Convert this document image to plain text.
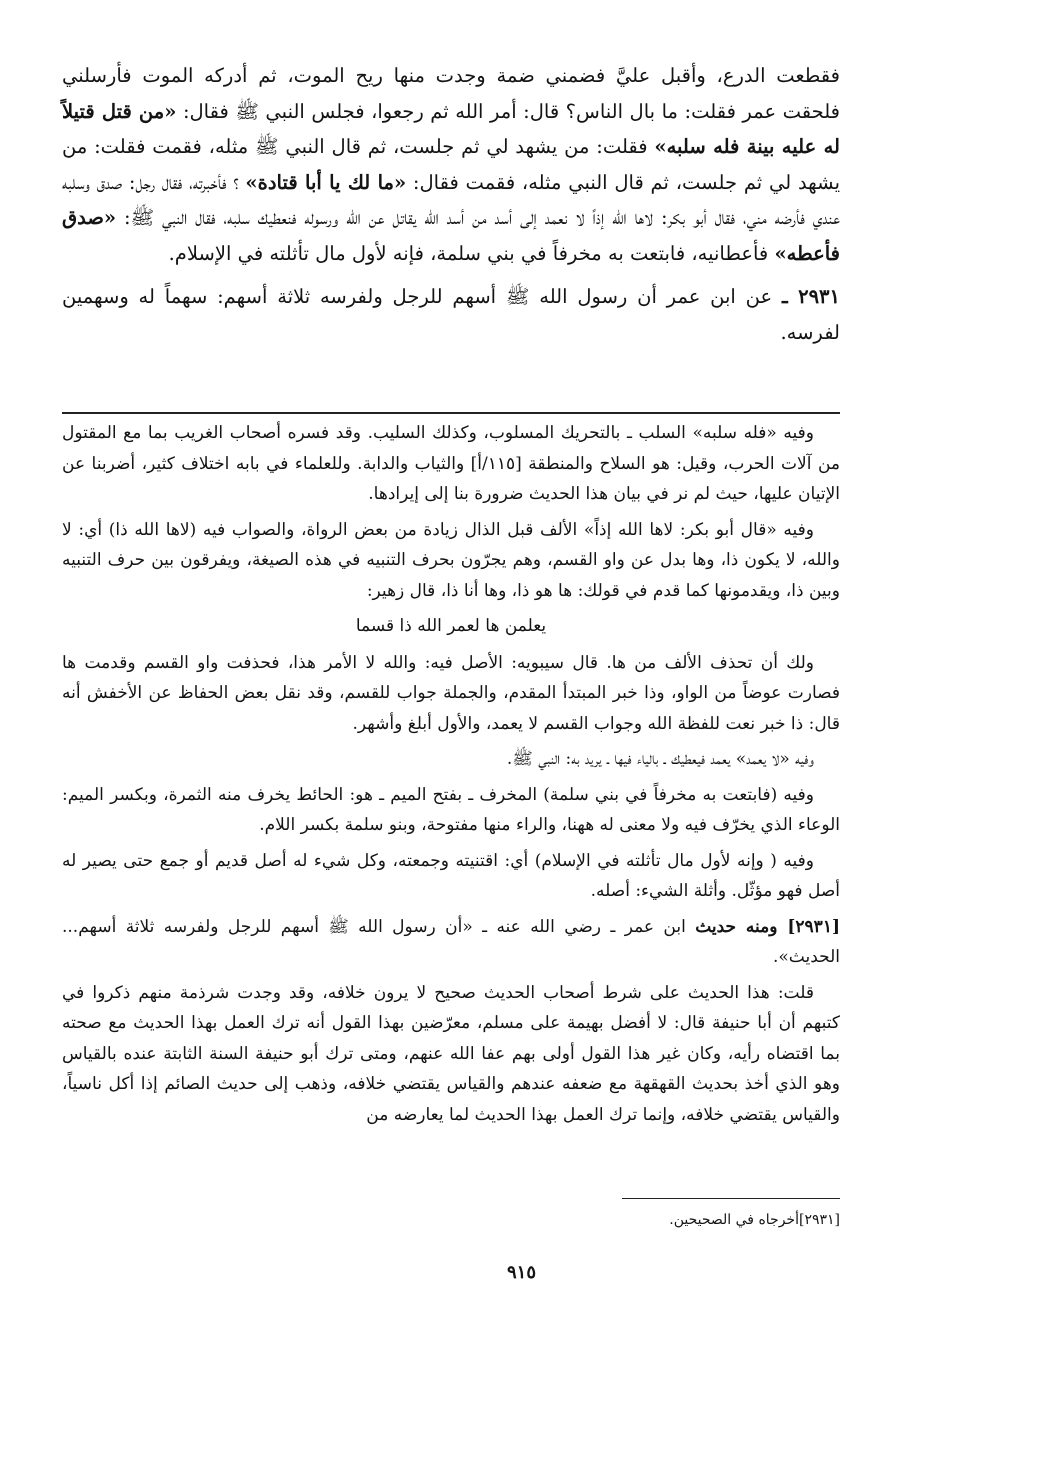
فقطعت الدرع، وأقبل عليَّ فضمني ضمة وجدت منها ريح الموت، ثم أدركه الموت فأرسلني فلحقت عمر فقلت: ما بال الناس؟ قال: أمر الله ثم رجعوا، فجلس النبي ﷺ فقال: «من قتل قتيلاً له عليه بينة فله سلبه» فقلت: من يشهد لي ثم جلست، ثم قال النبي ﷺ مثله، فقمت فقلت: من يشهد لي ثم جلست، ثم قال النبي مثله، فقمت فقال: «ما لك يا أبا قتادة» ؟ فأخبرته، فقال رجل: صدق وسلبه عندي فأرضه مني، فقال أبو بكر: لاها الله إذاً لا نعمد إلى أسد من أسد الله يقاتل عن الله ورسوله فنعطيك سلبه، فقال النبي ﷺ: «صدق فأعطه» فأعطانيه، فابتعت به مخرفاً في بني سلمة، فإنه لأول مال تأثلته في الإسلام.

٢٩٣١ ـ عن ابن عمر أن رسول الله ﷺ أسهم للرجل ولفرسه ثلاثة أسهم: سهماً له وسهمين لفرسه.

وفيه «فله سلبه» السلب ـ بالتحريك المسلوب، وكذلك السليب. وقد فسره أصحاب الغريب بما مع المقتول من آلات الحرب، وقيل: هو السلاح والمنطقة [١١٥/أ] والثياب والدابة. وللعلماء في بابه اختلاف كثير، أضربنا عن الإتيان عليها، حيث لم نر في بيان هذا الحديث ضرورة بنا إلى إيرادها.

وفيه «قال أبو بكر: لاها الله إذاً» الألف قبل الذال زيادة من بعض الرواة، والصواب فيه (لاها الله ذا) أي: لا والله، لا يكون ذا، وها بدل عن واو القسم، وهم يجرّون بحرف التنبيه في هذه الصيغة، ويفرقون بين حرف التنبيه وبين ذا، ويقدمونها كما قدم في قولك: ها هو ذا، وها أنا ذا، قال زهير:

يعلمن ها لعمر الله ذا قسما

ولك أن تحذف الألف من ها. قال سيبويه: الأصل فيه: والله لا الأمر هذا، فحذفت واو القسم وقدمت ها فصارت عوضاً من الواو، وذا خبر المبتدأ المقدم، والجملة جواب للقسم، وقد نقل بعض الحفاظ عن الأخفش أنه قال: ذا خبر نعت للفظة الله وجواب القسم لا يعمد، والأول أبلغ وأشهر.

وفيه «لا يعمد» يعمد فيعطيك ـ بالياء فيها ـ يريد به: النبي ﷺ.

وفيه (فابتعت به مخرفاً في بني سلمة) المخرف ـ بفتح الميم ـ هو: الحائط يخرف منه الثمرة، وبكسر الميم: الوعاء الذي يخرّف فيه ولا معنى له ههنا، والراء منها مفتوحة، وبنو سلمة بكسر اللام.

وفيه ( وإنه لأول مال تأثلته في الإسلام) أي: اقتنيته وجمعته، وكل شيء له أصل قديم أو جمع حتى يصير له أصل فهو مؤثّل. وأثلة الشيء: أصله.

[٢٩٣١] ومنه حديث ابن عمر ـ رضي الله عنه ـ «أن رسول الله ﷺ أسهم للرجل ولفرسه ثلاثة أسهم... الحديث».

قلت: هذا الحديث على شرط أصحاب الحديث صحيح لا يرون خلافه، وقد وجدت شرذمة منهم ذكروا في كتبهم أن أبا حنيفة قال: لا أفضل بهيمة على مسلم، معرّضين بهذا القول أنه ترك العمل بهذا الحديث مع صحته بما اقتضاه رأيه، وكان غير هذا القول أولى بهم عفا الله عنهم، ومتى ترك أبو حنيفة السنة الثابتة عنده بالقياس وهو الذي أخذ بحديث القهقهة مع ضعفه عندهم والقياس يقتضي خلافه، وذهب إلى حديث الصائم إذا أكل ناسياً، والقياس يقتضي خلافه، وإنما ترك العمل بهذا الحديث لما يعارضه من

[٢٩٣١]أخرجاه في الصحيحين.
٩١٥
